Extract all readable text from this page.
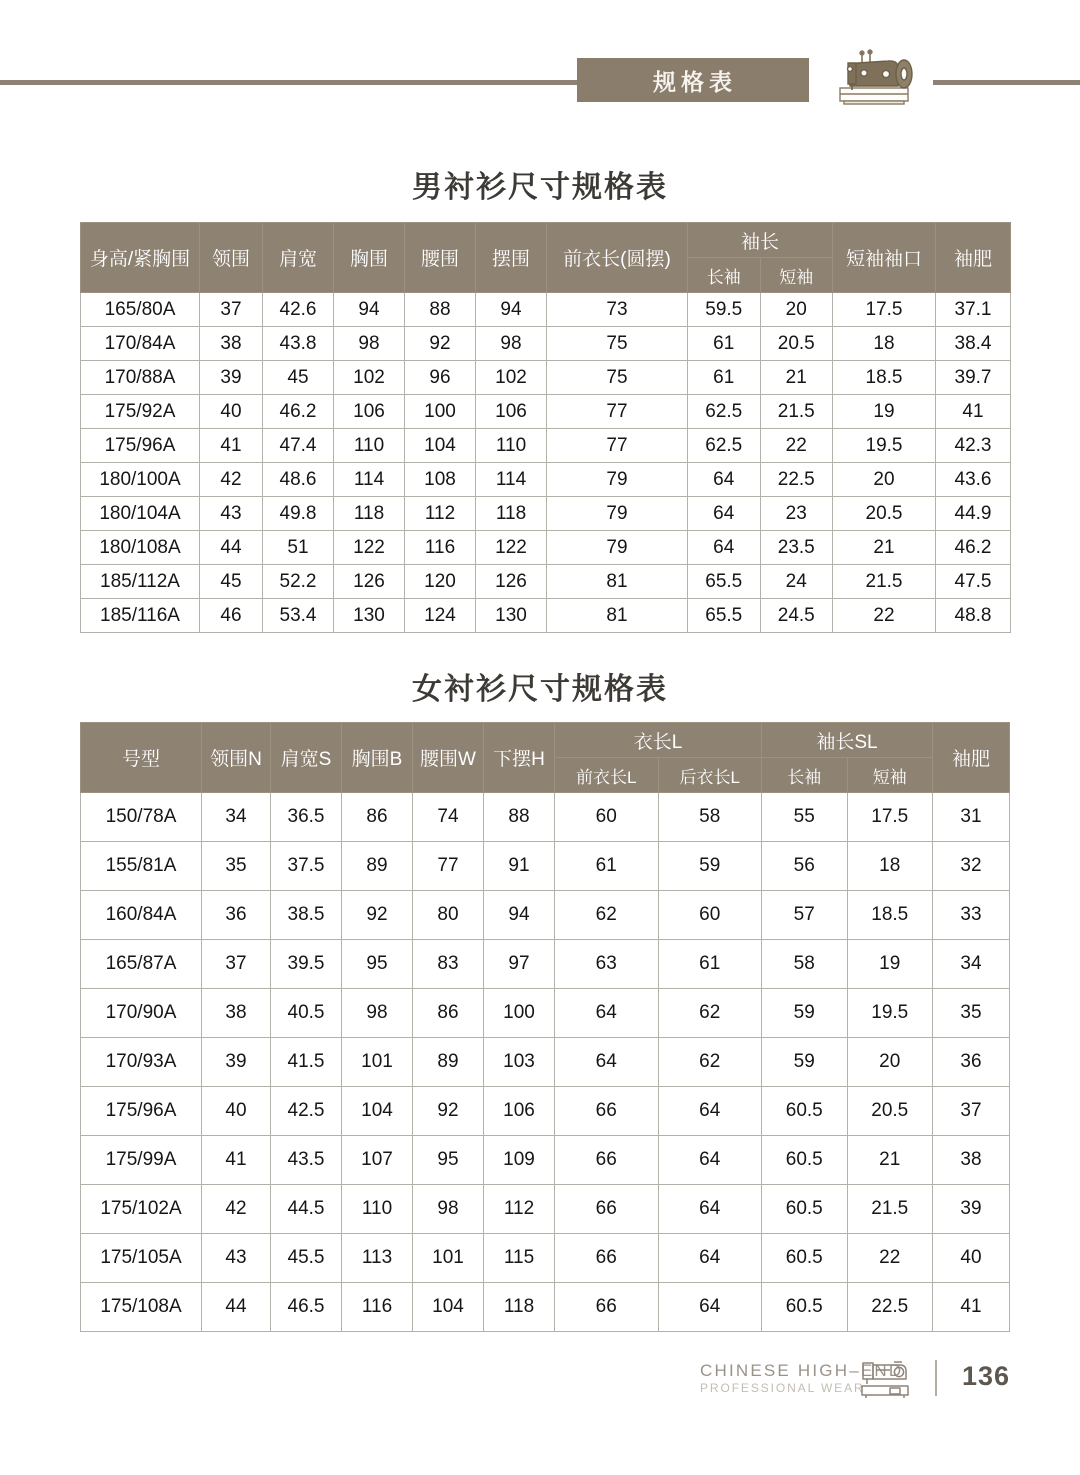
规格表
男衬衫尺寸规格表
身高/紧胸围	领围	肩宽	胸围	腰围	摆围	前衣长(圆摆)	袖长		短袖袖口	袖肥
							长袖	短袖		
165/80A	37	42.6	94	88	94	73	59.5	20	17.5	37.1
170/84A	38	43.8	98	92	98	75	61	20.5	18	38.4
170/88A	39	45	102	96	102	75	61	21	18.5	39.7
175/92A	40	46.2	106	100	106	77	62.5	21.5	19	41
175/96A	41	47.4	110	104	110	77	62.5	22	19.5	42.3
180/100A	42	48.6	114	108	114	79	64	22.5	20	43.6
180/104A	43	49.8	118	112	118	79	64	23	20.5	44.9
180/108A	44	51	122	116	122	79	64	23.5	21	46.2
185/112A	45	52.2	126	120	126	81	65.5	24	21.5	47.5
185/116A	46	53.4	130	124	130	81	65.5	24.5	22	48.8
女衬衫尺寸规格表
号型	领围N	肩宽S	胸围B	腰围W	下摆H	衣长L		袖长SL		袖肥
						前衣长L	后衣长L	长袖	短袖	
150/78A	34	36.5	86	74	88	60	58	55	17.5	31
155/81A	35	37.5	89	77	91	61	59	56	18	32
160/84A	36	38.5	92	80	94	62	60	57	18.5	33
165/87A	37	39.5	95	83	97	63	61	58	19	34
170/90A	38	40.5	98	86	100	64	62	59	19.5	35
170/93A	39	41.5	101	89	103	64	62	59	20	36
175/96A	40	42.5	104	92	106	66	64	60.5	20.5	37
175/99A	41	43.5	107	95	109	66	64	60.5	21	38
175/102A	42	44.5	110	98	112	66	64	60.5	21.5	39
175/105A	43	45.5	113	101	115	66	64	60.5	22	40
175/108A	44	46.5	116	104	118	66	64	60.5	22.5	41
CHINESE HIGH–END
PROFESSIONAL WEAR	136
